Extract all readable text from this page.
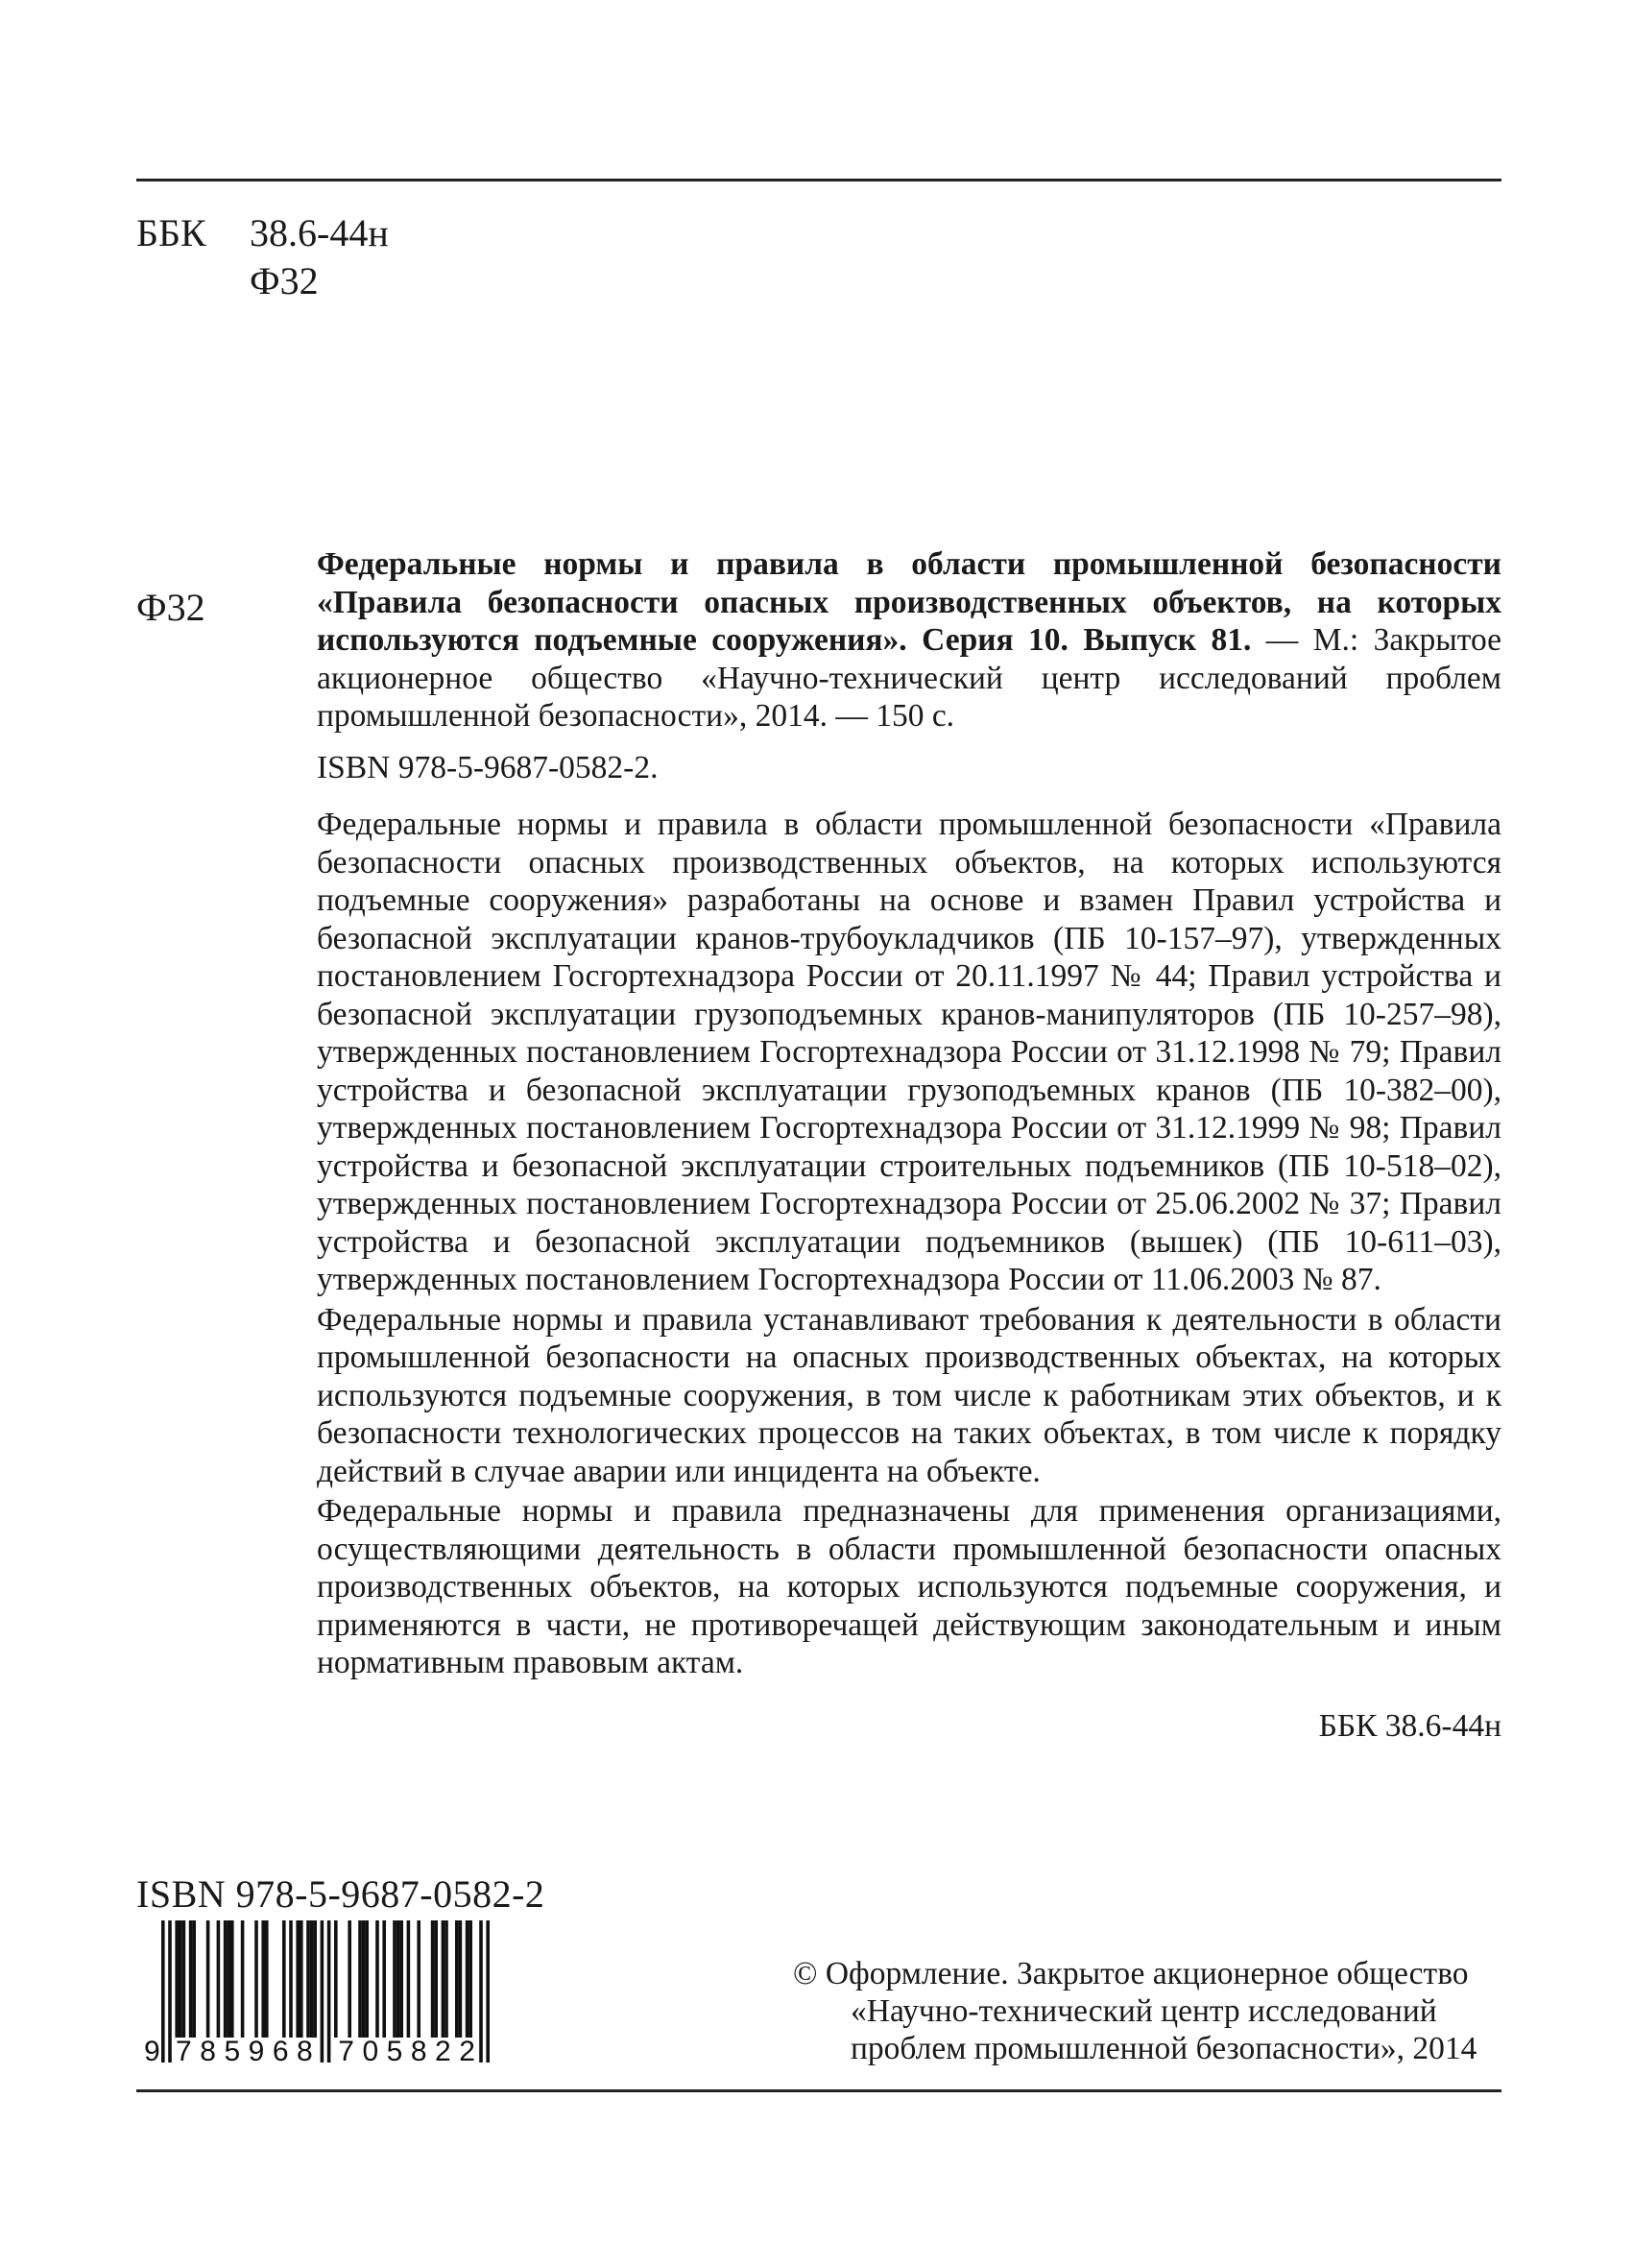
ББК 38.6-44н
Ф32
Ф32

Федеральные нормы и правила в области промышленной безопасности «Правила безопасности опасных производственных объектов, на которых используются подъемные сооружения». Серия 10. Выпуск 81. — М.: Закрытое акционерное общество «Научно-технический центр исследований проблем промышленной безопасности», 2014. — 150 с.

ISBN 978-5-9687-0582-2.

Федеральные нормы и правила в области промышленной безопасности «Правила безопасности опасных производственных объектов, на которых используются подъемные сооружения» разработаны на основе и взамен Правил устройства и безопасной эксплуатации кранов-трубоукладчиков (ПБ 10-157–97), утвержденных постановлением Госгортехнадзора России от 20.11.1997 № 44; Правил устройства и безопасной эксплуатации грузоподъемных кранов-манипуляторов (ПБ 10-257–98), утвержденных постановлением Госгортехнадзора России от 31.12.1998 № 79; Правил устройства и безопасной эксплуатации грузоподъемных кранов (ПБ 10-382–00), утвержденных постановлением Госгортехнадзора России от 31.12.1999 № 98; Правил устройства и безопасной эксплуатации строительных подъемников (ПБ 10-518–02), утвержденных постановлением Госгортехнадзора России от 25.06.2002 № 37; Правил устройства и безопасной эксплуатации подъемников (вышек) (ПБ 10-611–03), утвержденных постановлением Госгортехнадзора России от 11.06.2003 № 87.

Федеральные нормы и правила устанавливают требования к деятельности в области промышленной безопасности на опасных производственных объектах, на которых используются подъемные сооружения, в том числе к работникам этих объектов, и к безопасности технологических процессов на таких объектах, в том числе к порядку действий в случае аварии или инцидента на объекте.

Федеральные нормы и правила предназначены для применения организациями, осуществляющими деятельность в области промышленной безопасности опасных производственных объектов, на которых используются подъемные сооружения, и применяются в части, не противоречащей действующим законодательным и иным нормативным правовым актам.

ББК 38.6-44н
ISBN 978-5-9687-0582-2
9 7 8 5 9 6 8 7 0 5 8 2 2
© Оформление. Закрытое акционерное общество
«Научно-технический центр исследований
проблем промышленной безопасности», 2014
